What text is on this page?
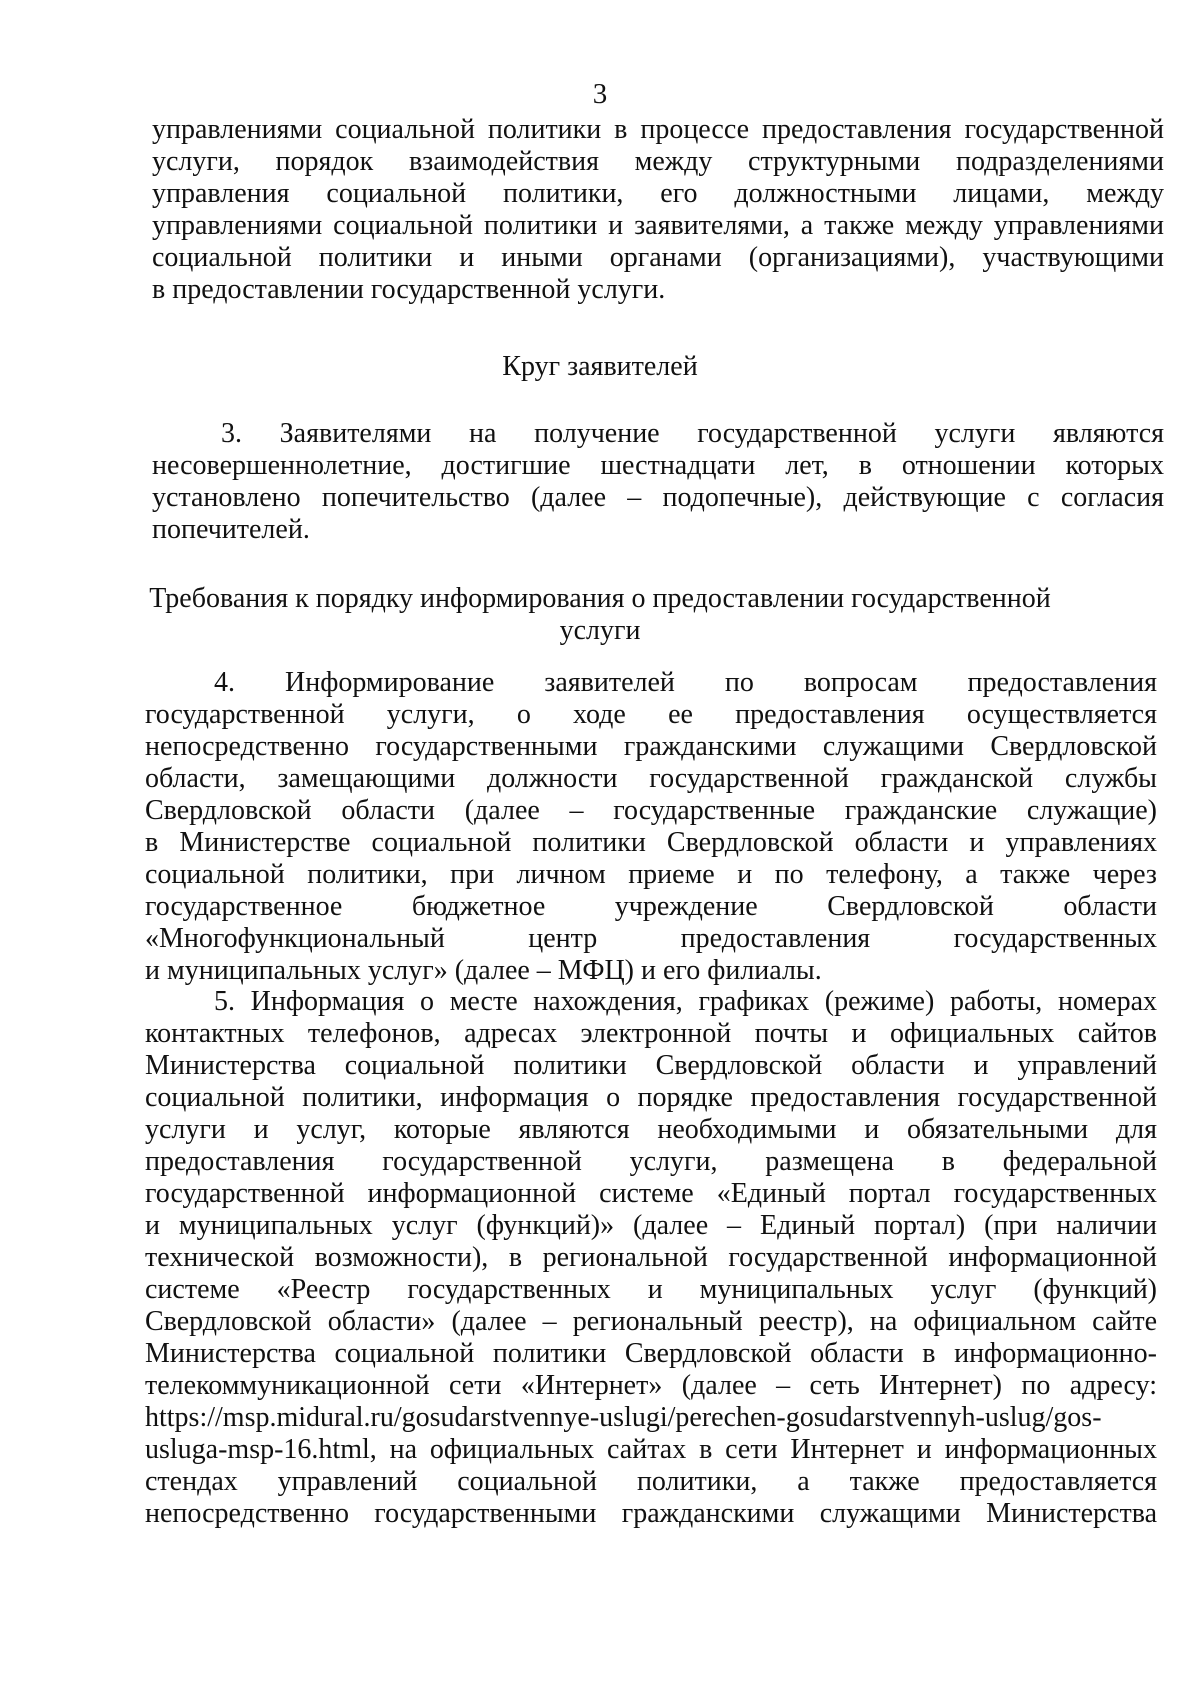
3
управлениями социальной политики в процессе предоставления государственной
услуги, порядок взаимодействия между структурными подразделениями
управления социальной политики, его должностными лицами, между
управлениями социальной политики и заявителями, а также между управлениями
социальной политики и иными органами (организациями), участвующими
в предоставлении государственной услуги.
Круг заявителей
3. Заявителями на получение государственной услуги являются
несовершеннолетние, достигшие шестнадцати лет, в отношении которых
установлено попечительство (далее – подопечные), действующие с согласия
попечителей.
Требования к порядку информирования о предоставлении государственной
услуги
4. Информирование заявителей по вопросам предоставления
государственной услуги, о ходе ее предоставления осуществляется
непосредственно государственными гражданскими служащими Свердловской
области, замещающими должности государственной гражданской службы
Свердловской области (далее – государственные гражданские служащие)
в Министерстве социальной политики Свердловской области и управлениях
социальной политики, при личном приеме и по телефону, а также через
государственное бюджетное учреждение Свердловской области
«Многофункциональный центр предоставления государственных
и муниципальных услуг» (далее – МФЦ) и его филиалы.
5. Информация о месте нахождения, графиках (режиме) работы, номерах
контактных телефонов, адресах электронной почты и официальных сайтов
Министерства социальной политики Свердловской области и управлений
социальной политики, информация о порядке предоставления государственной
услуги и услуг, которые являются необходимыми и обязательными для
предоставления государственной услуги, размещена в федеральной
государственной информационной системе «Единый портал государственных
и муниципальных услуг (функций)» (далее – Единый портал) (при наличии
технической возможности), в региональной государственной информационной
системе «Реестр государственных и муниципальных услуг (функций)
Свердловской области» (далее – региональный реестр), на официальном сайте
Министерства социальной политики Свердловской области в информационно-
телекоммуникационной сети «Интернет» (далее – сеть Интернет) по адресу:
https://msp.midural.ru/gosudarstvennye-uslugi/perechen-gosudarstvennyh-uslug/gos-
usluga-msp-16.html, на официальных сайтах в сети Интернет и информационных
стендах управлений социальной политики, а также предоставляется
непосредственно государственными гражданскими служащими Министерства
